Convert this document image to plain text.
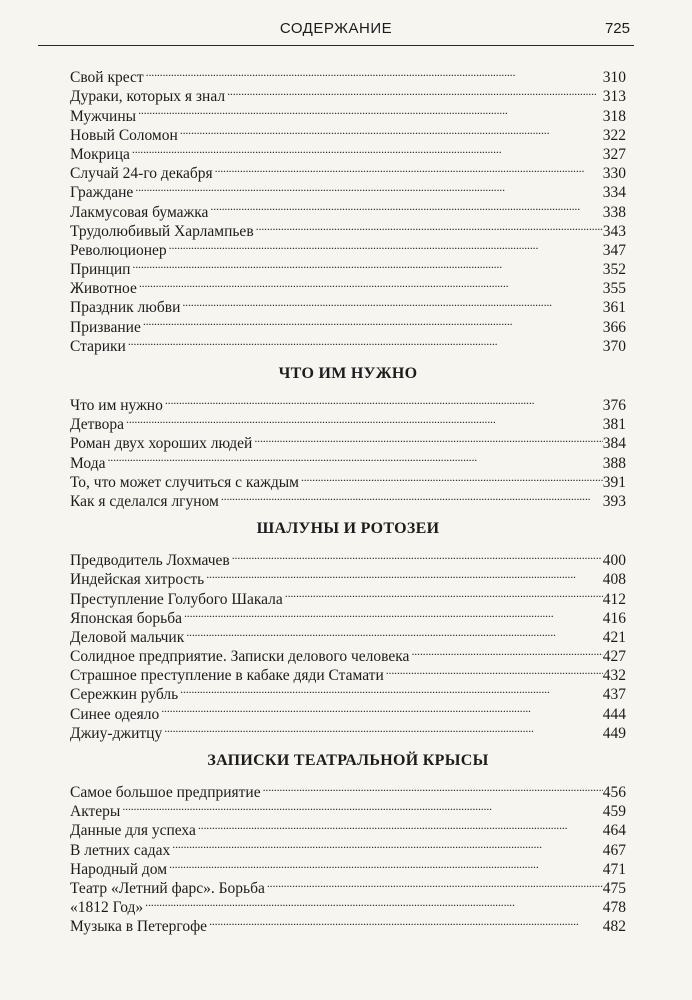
СОДЕРЖАНИЕ	725
Свой крест . . .	310
Дураки, которых я знал . . .	313
Мужчины . . .	318
Новый Соломон . . .	322
Мокрица . . .	327
Случай 24-го декабря . . .	330
Граждане . . .	334
Лакмусовая бумажка . . .	338
Трудолюбивый Харлампьев . . .	343
Революционер . . .	347
Принцип . . .	352
Животное . . .	355
Праздник любви . . .	361
Призвание . . .	366
Старики . . .	370
ЧТО ИМ НУЖНО
Что им нужно . . .	376
Детвора . . .	381
Роман двух хороших людей . . .	384
Мода . . .	388
То, что может случиться с каждым . . .	391
Как я сделался лгуном . . .	393
ШАЛУНЫ И РОТОЗЕИ
Предводитель Лохмачев . . .	400
Индейская хитрость . . .	408
Преступление Голубого Шакала . . .	412
Японская борьба . . .	416
Деловой мальчик . . .	421
Солидное предприятие. Записки делового человека . . .	427
Страшное преступление в кабаке дяди Стамати . . .	432
Сережкин рубль . . .	437
Синее одеяло . . .	444
Джиу-джитцу . . .	449
ЗАПИСКИ ТЕАТРАЛЬНОЙ КРЫСЫ
Самое большое предприятие . . .	456
Актеры . . .	459
Данные для успеха . . .	464
В летних садах . . .	467
Народный дом . . .	471
Театр «Летний фарс». Борьба . . .	475
«1812 Год» . . .	478
Музыка в Петергофе . . .	482
